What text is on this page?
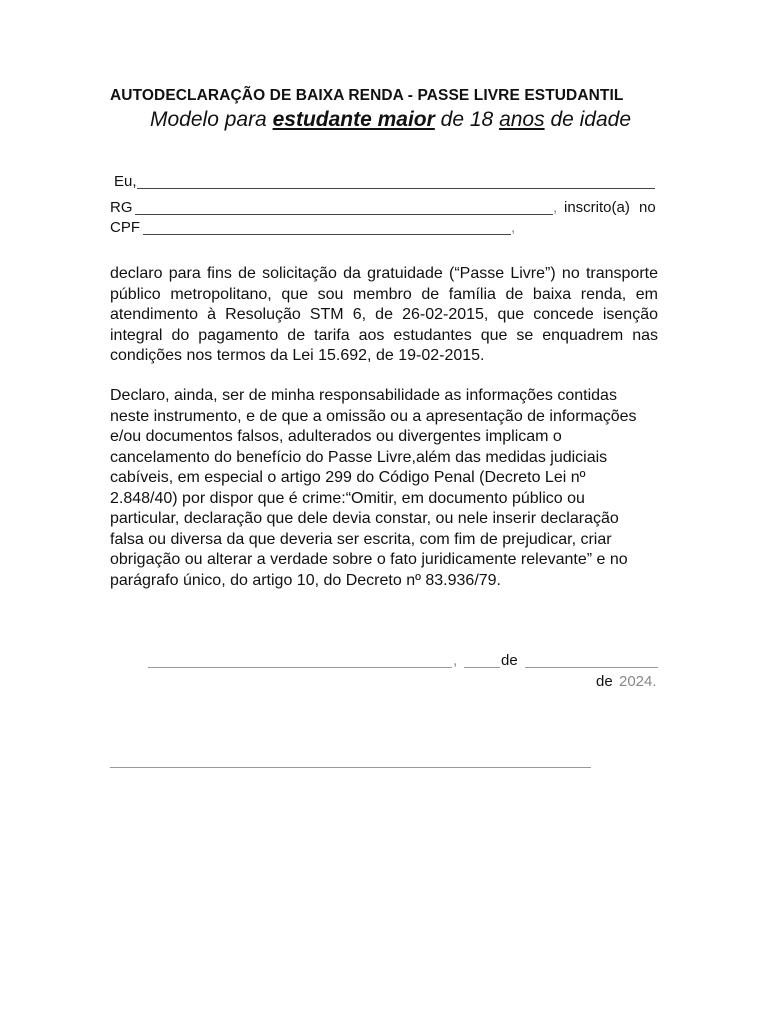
AUTODECLARAÇÃO DE BAIXA RENDA - PASSE LIVRE ESTUDANTIL
Modelo para estudante maior de 18 anos de idade
Eu,
RG	, inscrito(a) no
CPF	,

declaro para fins de solicitação da gratuidade (“Passe Livre”) no transporte público metropolitano, que sou membro de família de baixa renda, em atendimento à Resolução STM 6, de 26-02-2015, que concede isenção integral do pagamento de tarifa aos estudantes que se enquadrem nas condições nos termos da Lei 15.692, de 19-02-2015.

Declaro, ainda, ser de minha responsabilidade as informações contidas
neste instrumento, e de que a omissão ou a apresentação de informações
e/ou documentos falsos, adulterados ou divergentes implicam o
cancelamento do benefício do Passe Livre,além das medidas judiciais
cabíveis, em especial o artigo 299 do Código Penal (Decreto Lei nº
2.848/40) por dispor que é crime:“Omitir, em documento público ou
particular, declaração que dele devia constar, ou nele inserir declaração
falsa ou diversa da que deveria ser escrita, com fim de prejudicar, criar
obrigação ou alterar a verdade sobre o fato juridicamente relevante” e no
parágrafo único, do artigo 10, do Decreto nº 83.936/79.
,	de
de 2024.
